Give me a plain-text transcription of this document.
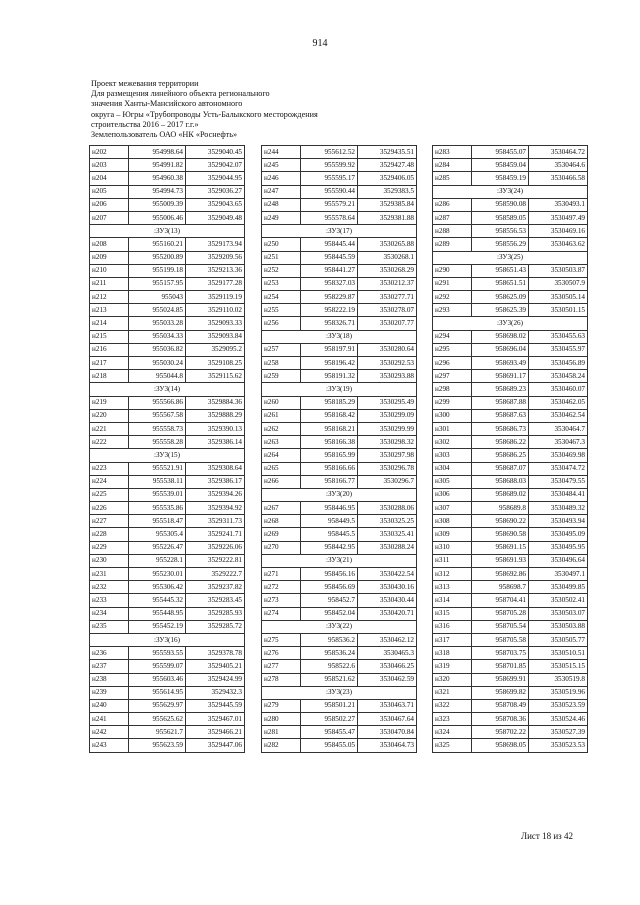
914
Проект межевания территории
Для размещения линейного объекта регионального
значения Ханты-Мансийского автономного
округа – Югры «Трубопроводы Усть-Балыкского месторождения
строительства 2016 – 2017 г.г.»
Землепользователь ОАО «НК «Роснефть»
н202	954998.64	3529040.45
н203	954991.82	3529042.07
н204	954960.38	3529044.95
н205	954994.73	3529036.27
н206	955009.39	3529043.65
н207	955006.46	3529049.48
:ЗУ3(13)		
н208	955160.21	3529173.94
н209	955200.89	3529209.56
н210	955199.18	3529213.36
н211	955157.95	3529177.28
н212	955043	3529119.19
н213	955024.85	3529110.02
н214	955033.28	3529093.33
н215	955034.33	3529093.84
н216	955036.82	3529095.2
н217	955030.24	3529108.25
н218	955044.8	3529115.62
:ЗУ3(14)		
н219	955566.86	3529884.36
н220	955567.58	3529888.29
н221	955558.73	3529390.13
н222	955558.28	3529386.14
:ЗУ3(15)		
н223	955521.91	3529308.64
н224	955538.11	3529386.17
н225	955539.01	3529394.26
н226	955535.86	3529394.92
н227	955518.47	3529311.73
н228	955305.4	3529241.71
н229	955226.47	3529226.06
н230	955228.1	3529222.81
н231	955230.01	3529222.7
н232	955306.42	3529237.82
н233	955445.32	3529283.45
н234	955448.95	3529285.93
н235	955452.19	3529285.72
:ЗУ3(16)		
н236	955593.55	3529378.78
н237	955599.07	3529405.21
н238	955603.46	3529424.99
н239	955614.95	3529432.3
н240	955629.97	3529445.59
н241	955625.62	3529467.01
н242	955621.7	3529466.21
н243	955623.59	3529447.06
н244	955612.52	3529435.51
н245	955599.92	3529427.48
н246	955595.17	3529406.05
н247	955590.44	3529383.5
н248	955579.21	3529385.84
н249	955578.64	3529381.88
:ЗУ3(17)		
н250	958445.44	3530265.88
н251	958445.59	3530268.1
н252	958441.27	3530268.29
н253	958327.03	3530212.37
н254	958229.87	3530277.71
н255	958222.19	3530278.07
н256	958326.71	3530207.77
:ЗУ3(18)		
н257	958197.91	3530280.64
н258	958196.42	3530292.53
н259	958191.32	3530293.88
:ЗУ3(19)		
н260	958185.29	3530295.49
н261	958168.42	3530299.09
н262	958168.21	3530299.99
н263	958166.38	3530298.32
н264	958165.99	3530297.98
н265	958166.66	3530296.78
н266	958166.77	3530296.7
:ЗУ3(20)		
н267	958446.95	3530288.06
н268	958449.5	3530325.25
н269	958445.5	3530325.41
н270	958442.95	3530288.24
:ЗУ3(21)		
н271	958456.16	3530422.54
н272	958456.69	3530430.16
н273	958452.7	3530430.44
н274	958452.04	3530420.71
:ЗУ3(22)		
н275	958536.2	3530462.12
н276	958536.24	3530465.3
н277	958522.6	3530466.25
н278	958521.62	3530462.59
:ЗУ3(23)		
н279	958501.21	3530463.71
н280	958502.27	3530467.64
н281	958455.47	3530470.84
н282	958455.05	3530464.73
н283	958455.07	3530464.72
н284	958459.04	3530464.6
н285	958459.19	3530466.58
:ЗУ3(24)		
н286	958590.08	3530493.1
н287	958589.05	3530497.49
н288	958556.53	3530469.16
н289	958556.29	3530463.62
:ЗУ3(25)		
н290	958651.43	3530503.87
н291	958651.51	3530507.9
н292	958625.09	3530505.14
н293	958625.39	3530501.15
:ЗУ3(26)		
н294	958698.02	3530455.63
н295	958696.04	3530455.97
н296	958693.49	3530456.89
н297	958691.17	3530458.24
н298	958689.23	3530460.07
н299	958687.88	3530462.05
н300	958687.63	3530462.54
н301	958686.73	3530464.7
н302	958686.22	3530467.3
н303	958686.25	3530469.98
н304	958687.07	3530474.72
н305	958688.03	3530479.55
н306	958689.02	3530484.41
н307	958689.8	3530489.32
н308	958690.22	3530493.94
н309	958690.58	3530495.09
н310	958691.15	3530495.95
н311	958691.93	3530496.64
н312	958692.86	3530497.1
н313	958698.7	3530499.85
н314	958704.41	3530502.41
н315	958705.28	3530503.07
н316	958705.54	3530503.88
н317	958705.58	3530505.77
н318	958703.75	3530510.51
н319	958701.85	3530515.15
н320	958699.91	3530519.8
н321	958699.82	3530519.96
н322	958708.49	3530523.59
н323	958708.36	3530524.46
н324	958702.22	3530527.39
н325	958698.05	3530523.53
Лист 18 из 42
